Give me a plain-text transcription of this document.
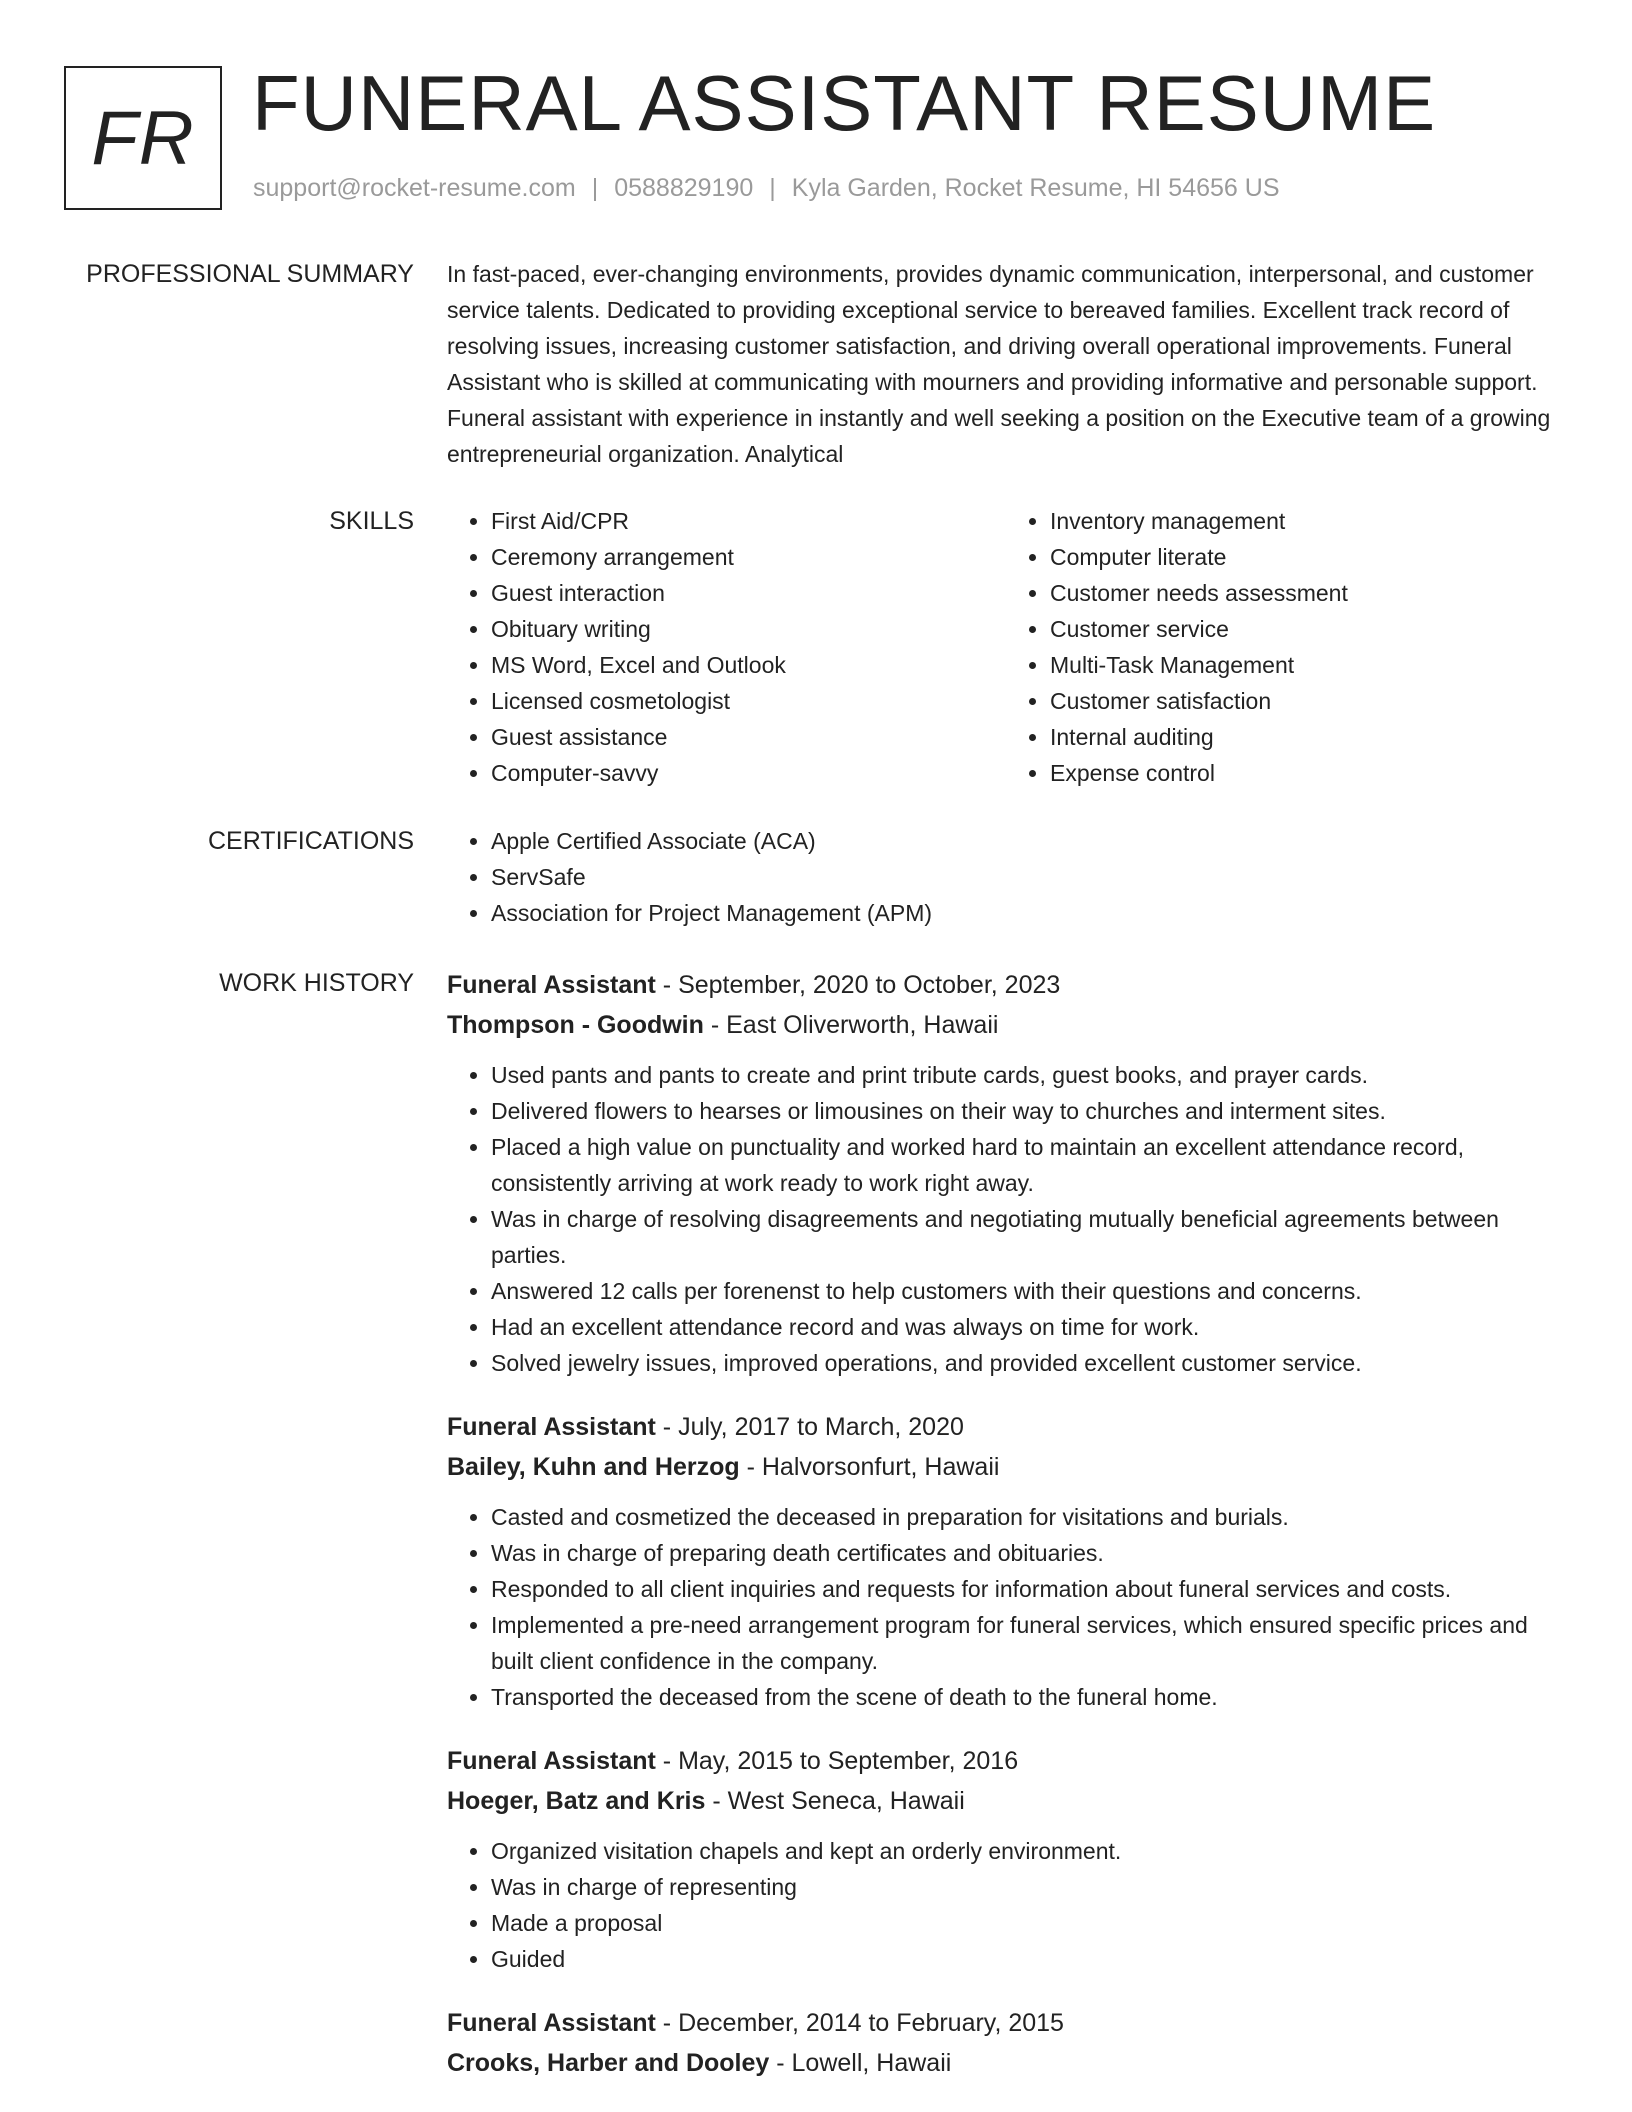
FR FUNERAL ASSISTANT RESUME
support@rocket-resume.com | 0588829190 | Kyla Garden, Rocket Resume, HI 54656 US
PROFESSIONAL SUMMARY In fast-paced, ever-changing environments, provides dynamic communication, interpersonal, and customer service talents. Dedicated to providing exceptional service to bereaved families. Excellent track record of resolving issues, increasing customer satisfaction, and driving overall operational improvements. Funeral Assistant who is skilled at communicating with mourners and providing informative and personable support. Funeral assistant with experience in instantly and well seeking a position on the Executive team of a growing entrepreneurial organization. Analytical
SKILLS	• First Aid/CPR
• Ceremony arrangement
• Guest interaction
• Obituary writing
• MS Word, Excel and Outlook
• Licensed cosmetologist
• Guest assistance
• Computer-savvy
• Inventory management
• Computer literate
• Customer needs assessment
• Customer service
• Multi-Task Management
• Customer satisfaction
• Internal auditing
• Expense control
CERTIFICATIONS	• Apple Certified Associate (ACA)
• ServSafe
• Association for Project Management (APM)
WORK HISTORY Funeral Assistant - September, 2020 to October, 2023
Thompson - Goodwin - East Oliverworth, Hawaii
• Used pants and pants to create and print tribute cards, guest books, and prayer cards.
• Delivered flowers to hearses or limousines on their way to churches and interment sites.
• Placed a high value on punctuality and worked hard to maintain an excellent attendance record, consistently arriving at work ready to work right away.
• Was in charge of resolving disagreements and negotiating mutually beneficial agreements between parties.
• Answered 12 calls per forenenst to help customers with their questions and concerns.
• Had an excellent attendance record and was always on time for work.
• Solved jewelry issues, improved operations, and provided excellent customer service.
Funeral Assistant - July, 2017 to March, 2020
Bailey, Kuhn and Herzog - Halvorsonfurt, Hawaii
• Casted and cosmetized the deceased in preparation for visitations and burials.
• Was in charge of preparing death certificates and obituaries.
• Responded to all client inquiries and requests for information about funeral services and costs.
• Implemented a pre-need arrangement program for funeral services, which ensured specific prices and built client confidence in the company.
• Transported the deceased from the scene of death to the funeral home.
Funeral Assistant - May, 2015 to September, 2016
Hoeger, Batz and Kris - West Seneca, Hawaii
• Organized visitation chapels and kept an orderly environment.
• Was in charge of representing
• Made a proposal
• Guided
Funeral Assistant - December, 2014 to February, 2015
Crooks, Harber and Dooley - Lowell, Hawaii
